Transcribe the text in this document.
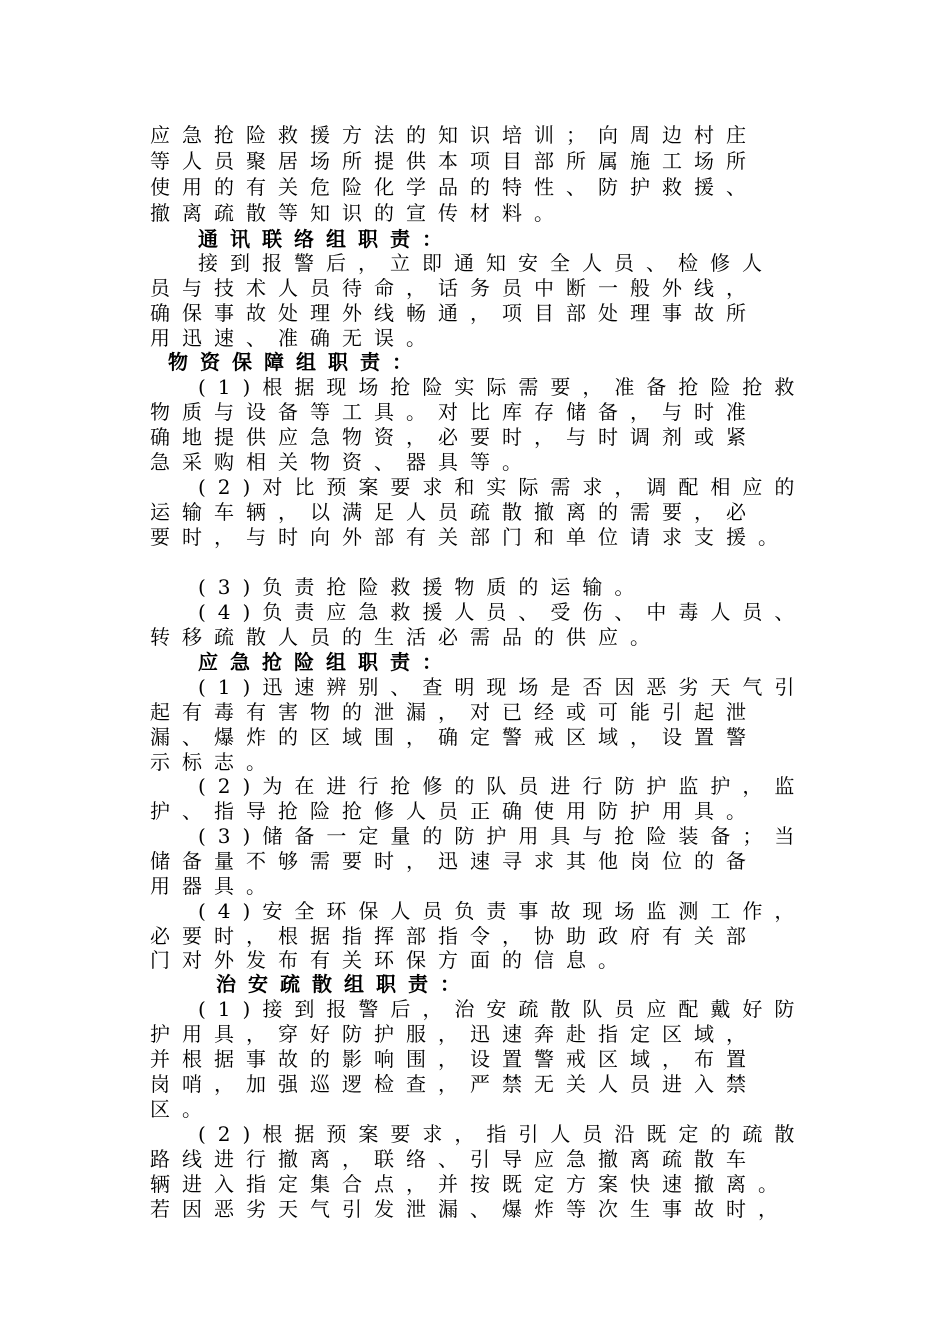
应急抢险救援方法的知识培训；向周边村庄
等人员聚居场所提供本项目部所属施工场所
使用的有关危险化学品的特性、防护救援、
撤离疏散等知识的宣传材料。
通讯联络组职责：
接到报警后，立即通知安全人员、检修人
员与技术人员待命，话务员中断一般外线，
确保事故处理外线畅通，项目部处理事故所
用迅速、准确无误。
物资保障组职责：
(1)根据现场抢险实际需要，准备抢险抢救
物质与设备等工具。对比库存储备，与时准
确地提供应急物资，必要时，与时调剂或紧
急采购相关物资、器具等。
(2)对比预案要求和实际需求，调配相应的
运输车辆，以满足人员疏散撤离的需要，必
要时，与时向外部有关部门和单位请求支援。
(3)负责抢险救援物质的运输。
(4)负责应急救援人员、受伤、中毒人员、
转移疏散人员的生活必需品的供应。
应急抢险组职责：
(1)迅速辨别、查明现场是否因恶劣天气引
起有毒有害物的泄漏，对已经或可能引起泄
漏、爆炸的区域围，确定警戒区域，设置警
示标志。
(2)为在进行抢修的队员进行防护监护，监
护、指导抢险抢修人员正确使用防护用具。
(3)储备一定量的防护用具与抢险装备；当
储备量不够需要时，迅速寻求其他岗位的备
用器具。
(4)安全环保人员负责事故现场监测工作，
必要时，根据指挥部指令，协助政府有关部
门对外发布有关环保方面的信息。
治安疏散组职责：
(1)接到报警后，治安疏散队员应配戴好防
护用具，穿好防护服，迅速奔赴指定区域，
并根据事故的影响围，设置警戒区域，布置
岗哨，加强巡逻检查，严禁无关人员进入禁
区。
(2)根据预案要求，指引人员沿既定的疏散
路线进行撤离，联络、引导应急撤离疏散车
辆进入指定集合点，并按既定方案快速撤离。
若因恶劣天气引发泄漏、爆炸等次生事故时，
